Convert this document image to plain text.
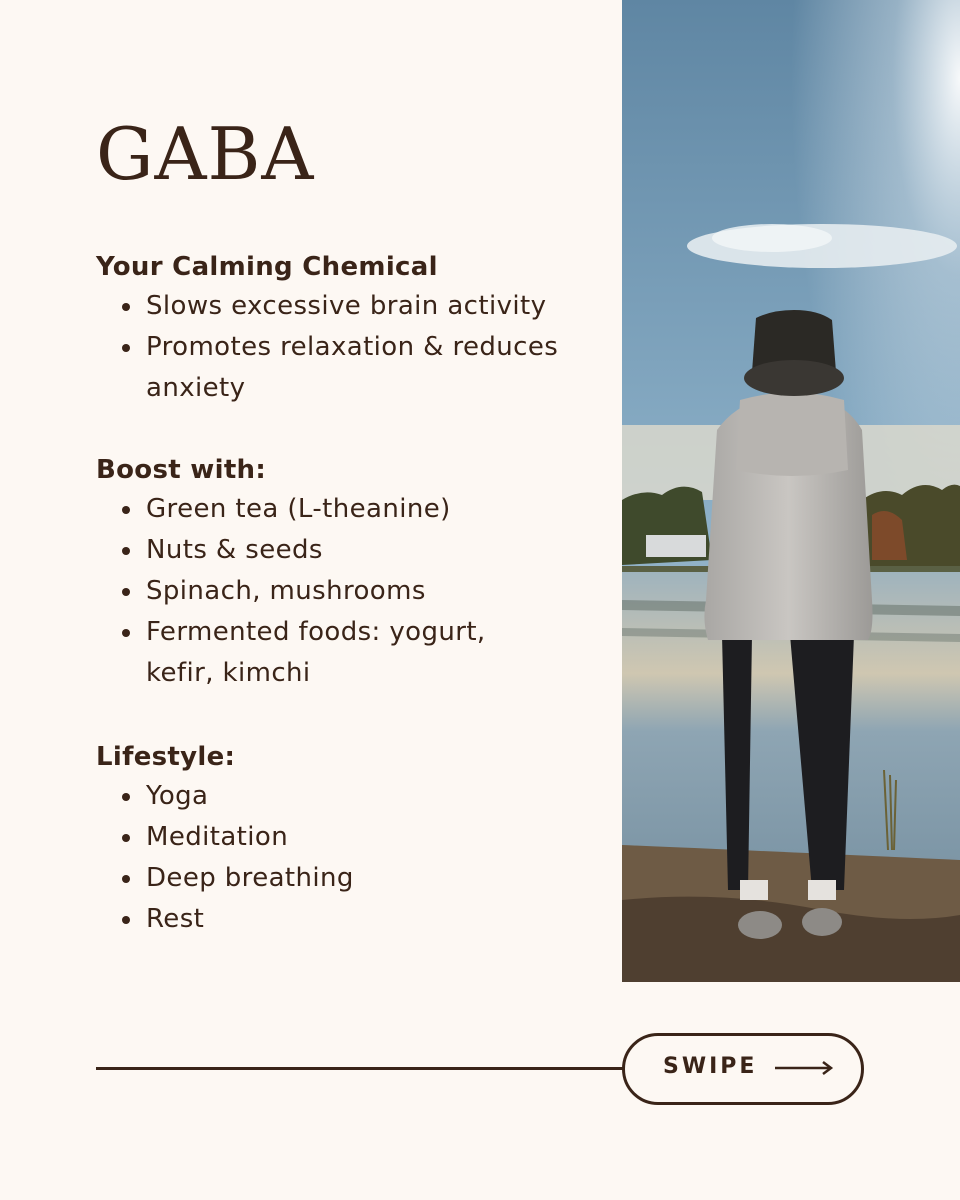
GABA
Your Calming Chemical
Slows excessive brain activity
Promotes relaxation & reduces anxiety
Boost with:
Green tea (L-theanine)
Nuts & seeds
Spinach, mushrooms
Fermented foods: yogurt, kefir, kimchi
Lifestyle:
Yoga
Meditation
Deep breathing
Rest
SWIPE
